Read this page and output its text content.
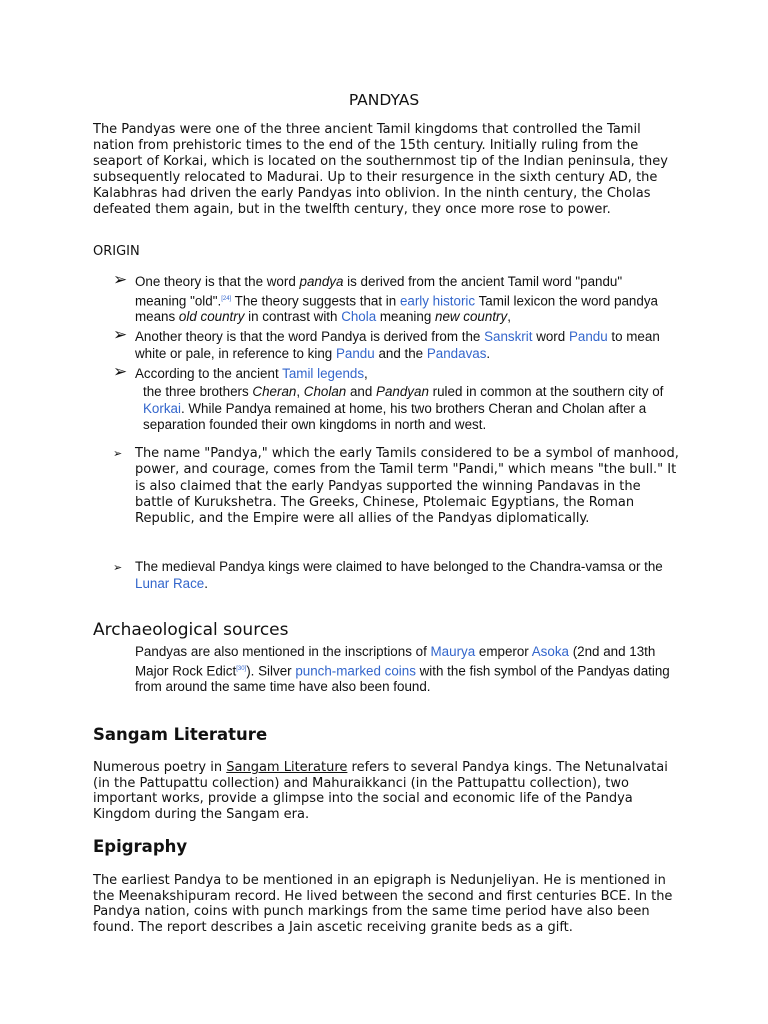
PANDYAS
The Pandyas were one of the three ancient Tamil kingdoms that controlled the Tamil nation from prehistoric times to the end of the 15th century. Initially ruling from the seaport of Korkai, which is located on the southernmost tip of the Indian peninsula, they subsequently relocated to Madurai. Up to their resurgence in the sixth century AD, the Kalabhras had driven the early Pandyas into oblivion. In the ninth century, the Cholas defeated them again, but in the twelfth century, they once more rose to power.
ORIGIN
➢ One theory is that the word pandya is derived from the ancient Tamil word "pandu" meaning "old".[24] The theory suggests that in early historic Tamil lexicon the word pandya means old country in contrast with Chola meaning new country,
➢ Another theory is that the word Pandya is derived from the Sanskrit word Pandu to mean white or pale, in reference to king Pandu and the Pandavas.
➢ According to the ancient Tamil legends,
the three brothers Cheran, Cholan and Pandyan ruled in common at the southern city of Korkai. While Pandya remained at home, his two brothers Cheran and Cholan after a separation founded their own kingdoms in north and west.
➢ The name "Pandya," which the early Tamils considered to be a symbol of manhood, power, and courage, comes from the Tamil term "Pandi," which means "the bull." It is also claimed that the early Pandyas supported the winning Pandavas in the battle of Kurukshetra. The Greeks, Chinese, Ptolemaic Egyptians, the Roman Republic, and the Empire were all allies of the Pandyas diplomatically.
➢ The medieval Pandya kings were claimed to have belonged to the Chandra-vamsa or the Lunar Race.
Archaeological sources
Pandyas are also mentioned in the inscriptions of Maurya emperor Asoka (2nd and 13th Major Rock Edict[30]). Silver punch-marked coins with the fish symbol of the Pandyas dating from around the same time have also been found.
Sangam Literature
Numerous poetry in Sangam Literature refers to several Pandya kings. The Netunalvatai (in the Pattupattu collection) and Mahuraikkanci (in the Pattupattu collection), two important works, provide a glimpse into the social and economic life of the Pandya Kingdom during the Sangam era.
Epigraphy
The earliest Pandya to be mentioned in an epigraph is Nedunjeliyan. He is mentioned in the Meenakshipuram record. He lived between the second and first centuries BCE. In the Pandya nation, coins with punch markings from the same time period have also been found. The report describes a Jain ascetic receiving granite beds as a gift.
